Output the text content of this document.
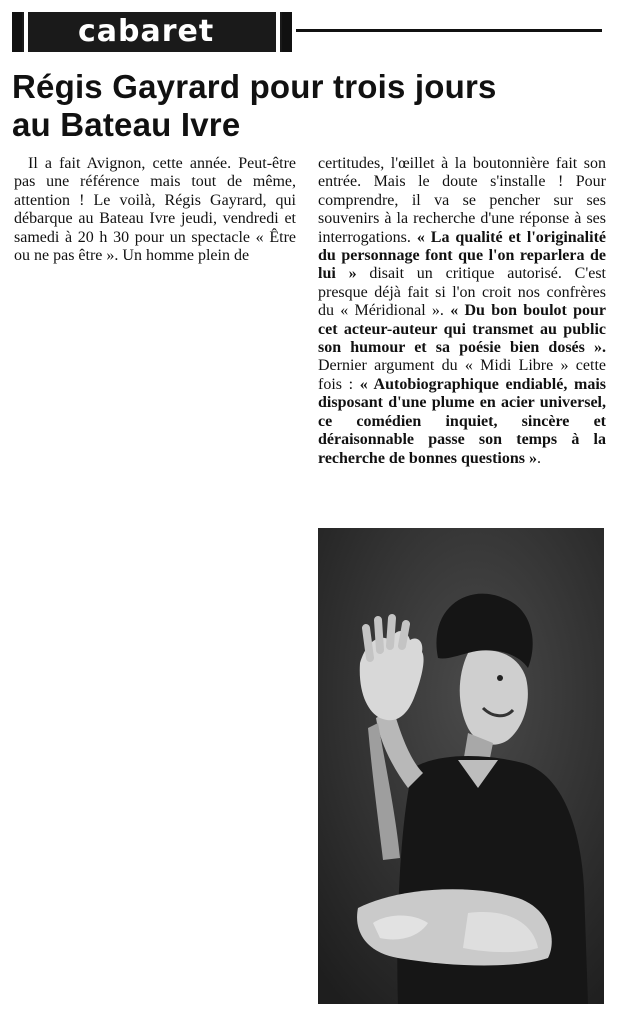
cabaret
Régis Gayrard pour trois jours
au Bateau Ivre

Il a fait Avignon, cette année. Peut-être pas une référence mais tout de même, attention ! Le voilà, Régis Gayrard, qui débarque au Bateau Ivre jeudi, vendredi et samedi à 20 h 30 pour un spectacle « Être ou ne pas être ». Un homme plein de

certitudes, l'œillet à la boutonnière fait son entrée. Mais le doute s'installe ! Pour comprendre, il va se pencher sur ses souvenirs à la recherche d'une réponse à ses interrogations. « La qualité et l'originalité du personnage font que l'on reparlera de lui » disait un critique autorisé. C'est presque déjà fait si l'on croit nos confrères du « Méridional ». « Du bon boulot pour cet acteur-auteur qui transmet au public son humour et sa poésie bien dosés ». Dernier argument du « Midi Libre » cette fois : « Autobiographique endiablé, mais disposant d'une plume en acier universel, ce comédien inquiet, sincère et déraisonnable passe son temps à la recherche de bonnes questions ».
